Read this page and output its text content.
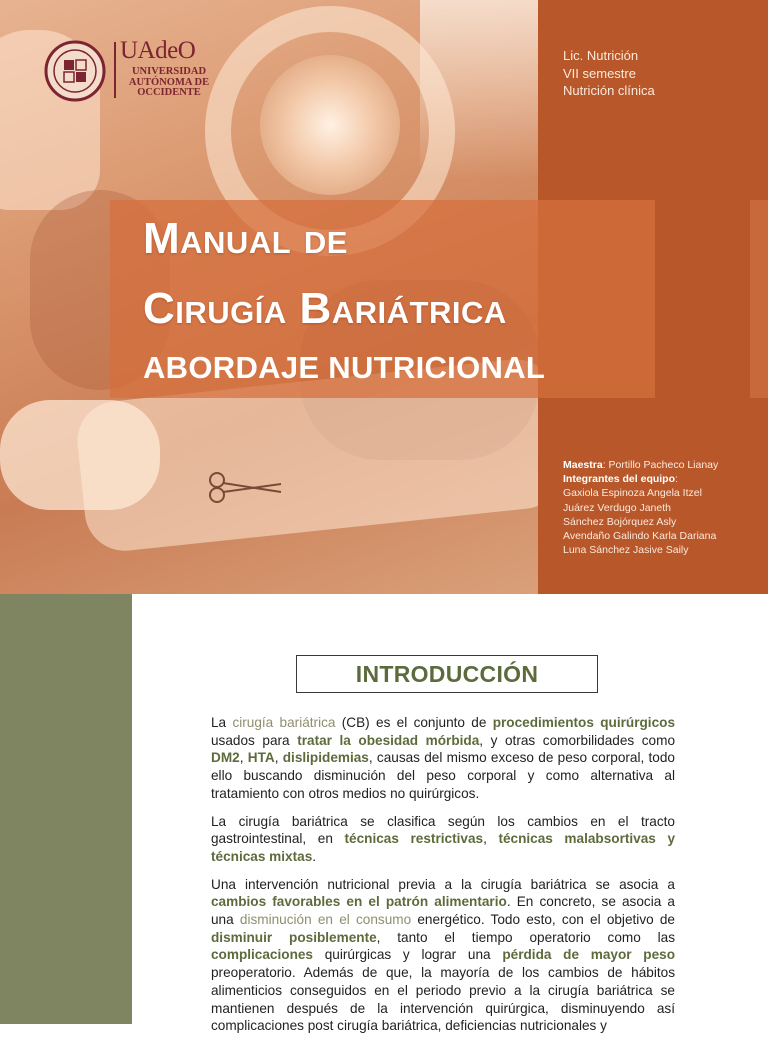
UAdeO
UNIVERSIDAD
AUTÓNOMA DE
OCCIDENTE
Lic. Nutrición
VII semestre
Nutrición clínica
Manual de
Cirugía Bariátrica
ABORDAJE NUTRICIONAL
Maestra: Portillo Pacheco Lianay
Integrantes del equipo:
Gaxiola Espinoza Angela Itzel
Juárez Verdugo Janeth
Sánchez Bojórquez Asly
Avendaño Galindo Karla Dariana
Luna Sánchez Jasive Saily
INTRODUCCIÓN

La cirugía bariátrica (CB) es el conjunto de procedimientos quirúrgicos usados para tratar la obesidad mórbida, y otras comorbilidades como DM2, HTA, dislipidemias, causas del mismo exceso de peso corporal, todo ello buscando disminución del peso corporal y como alternativa al tratamiento con otros medios no quirúrgicos.

La cirugía bariátrica se clasifica según los cambios en el tracto gastrointestinal, en técnicas restrictivas, técnicas malabsortivas y técnicas mixtas.

Una intervención nutricional previa a la cirugía bariátrica se asocia a cambios favorables en el patrón alimentario. En concreto, se asocia a una disminución en el consumo energético. Todo esto, con el objetivo de disminuir posiblemente, tanto el tiempo operatorio como las complicaciones quirúrgicas y lograr una pérdida de mayor peso preoperatorio. Además de que, la mayoría de los cambios de hábitos alimenticios conseguidos en el periodo previo a la cirugía bariátrica se mantienen después de la intervención quirúrgica, disminuyendo así complicaciones post cirugía bariátrica, deficiencias nutricionales y
